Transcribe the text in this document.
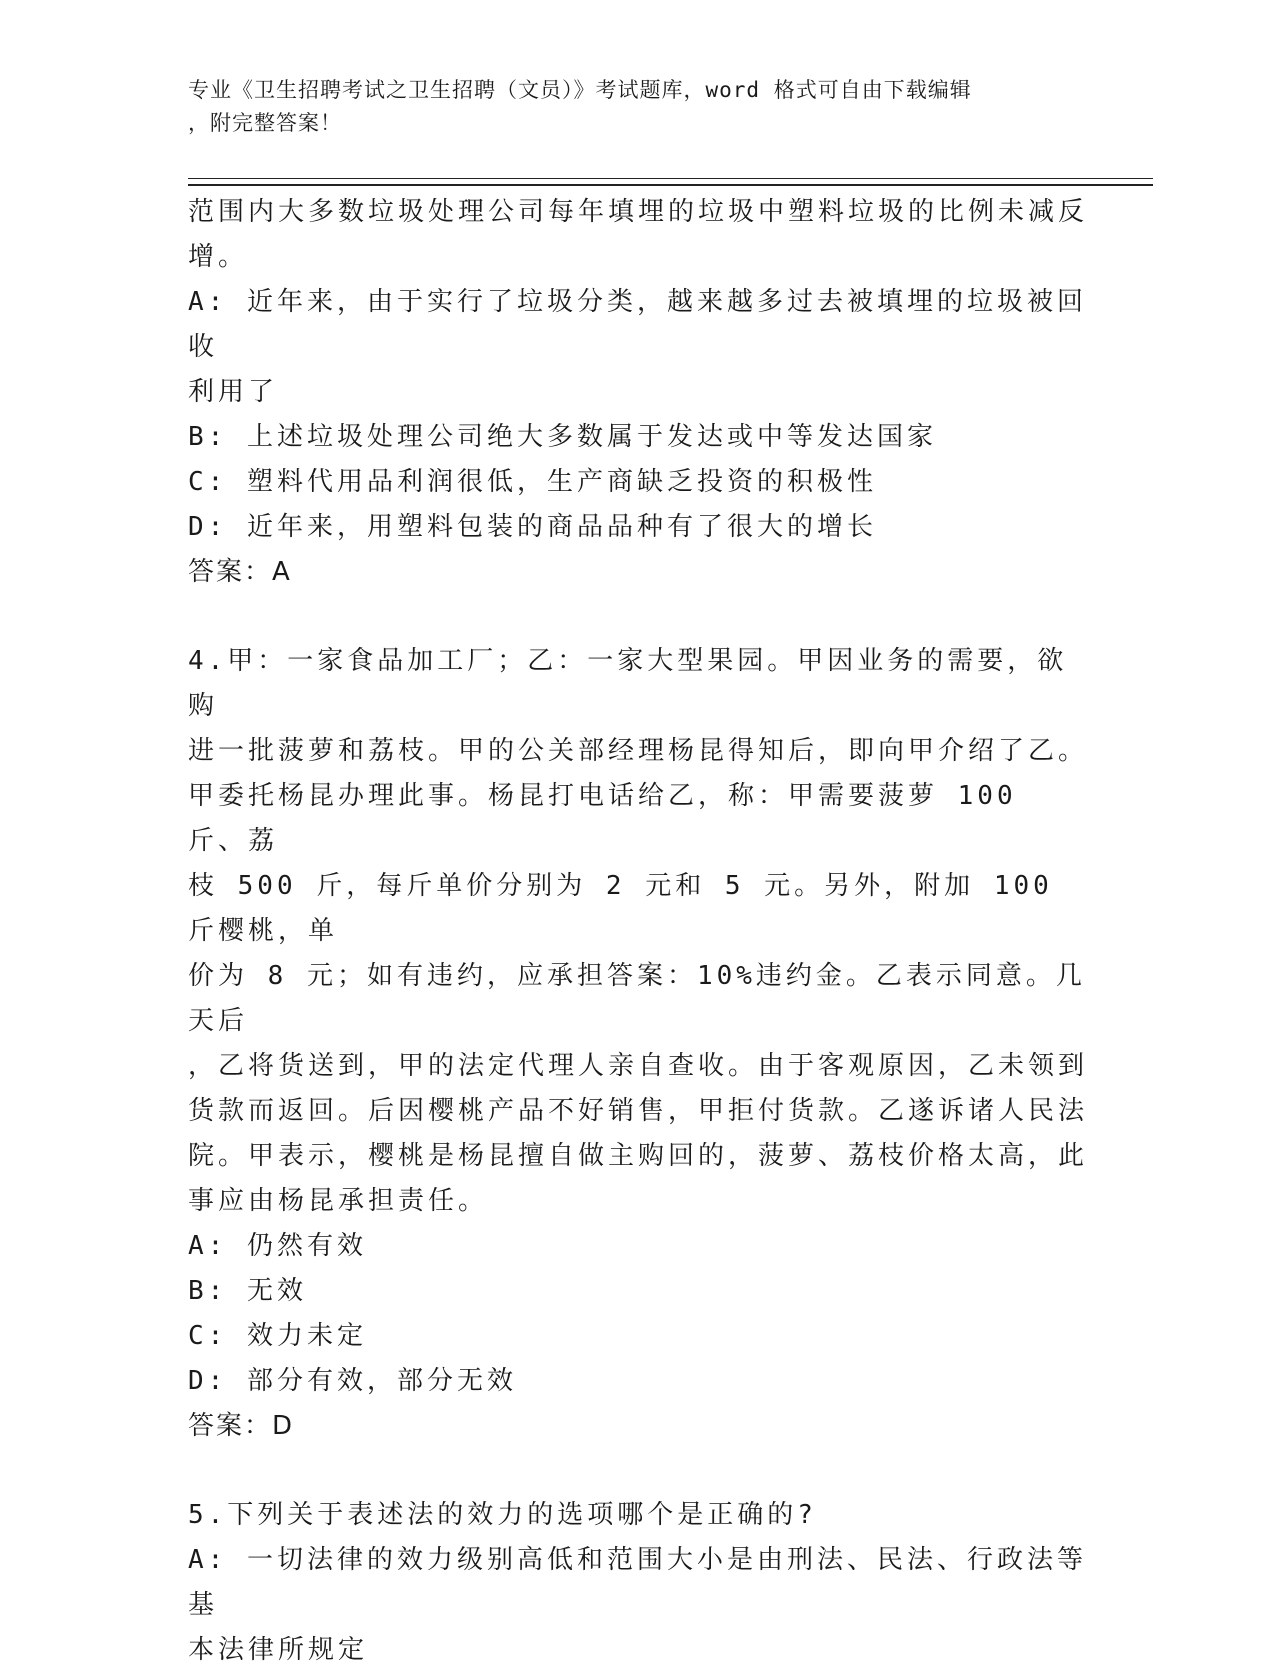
专业《卫生招聘考试之卫生招聘（文员）》考试题库，word 格式可自由下载编辑
，附完整答案！

范围内大多数垃圾处理公司每年填埋的垃圾中塑料垃圾的比例未减反

增。

A: 近年来，由于实行了垃圾分类，越来越多过去被填埋的垃圾被回收

利用了

B: 上述垃圾处理公司绝大多数属于发达或中等发达国家

C: 塑料代用品利润很低，生产商缺乏投资的积极性

D: 近年来，用塑料包装的商品品种有了很大的增长

答案：A

4.甲：一家食品加工厂；乙：一家大型果园。甲因业务的需要，欲购

进一批菠萝和荔枝。甲的公关部经理杨昆得知后，即向甲介绍了乙。

甲委托杨昆办理此事。杨昆打电话给乙，称：甲需要菠萝 100 斤、荔

枝 500 斤，每斤单价分别为 2 元和 5 元。另外，附加 100 斤樱桃，单

价为 8 元；如有违约，应承担答案：10%违约金。乙表示同意。几天后

，乙将货送到，甲的法定代理人亲自查收。由于客观原因，乙未领到

货款而返回。后因樱桃产品不好销售，甲拒付货款。乙遂诉诸人民法

院。甲表示，樱桃是杨昆擅自做主购回的，菠萝、荔枝价格太高，此

事应由杨昆承担责任。

A: 仍然有效

B: 无效

C: 效力未定

D: 部分有效，部分无效

答案：D

5.下列关于表述法的效力的选项哪个是正确的?

A: 一切法律的效力级别高低和范围大小是由刑法、民法、行政法等基

本法律所规定
